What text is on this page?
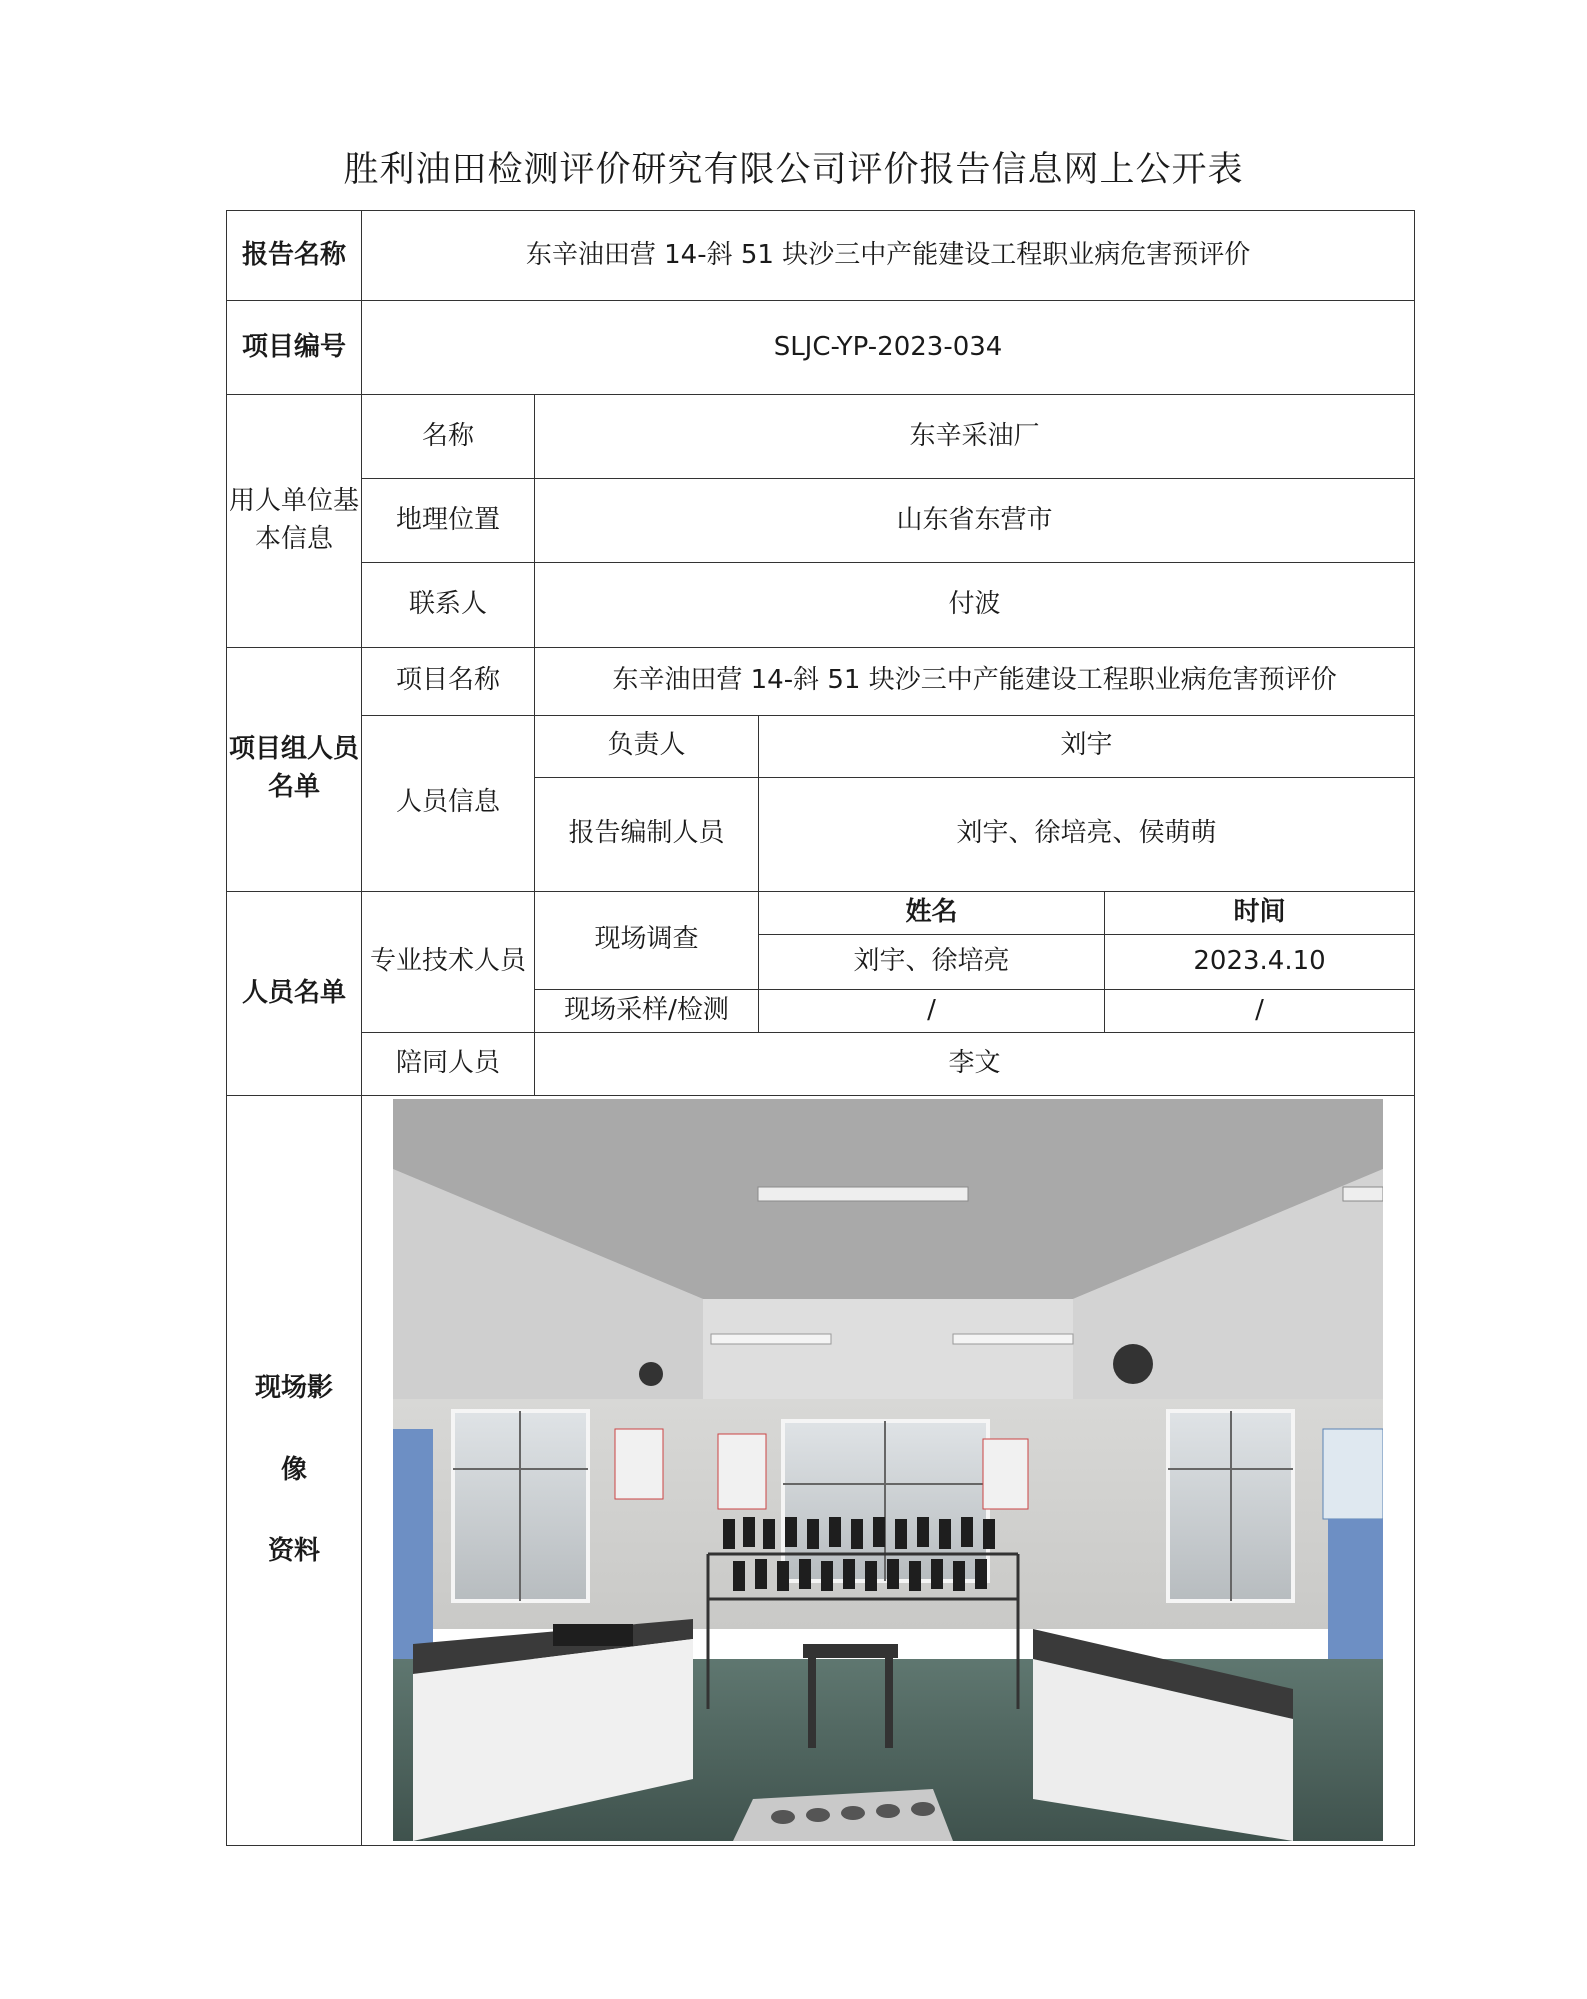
胜利油田检测评价研究有限公司评价报告信息网上公开表
报告名称	东辛油田营 14-斜 51 块沙三中产能建设工程职业病危害预评价			
项目编号	SLJC-YP-2023-034			
用人单位基本信息	名称	东辛采油厂		
	地理位置	山东省东营市		
	联系人	付波		
项目组人员名单	项目名称	东辛油田营 14-斜 51 块沙三中产能建设工程职业病危害预评价		
	人员信息	负责人	刘宇	
		报告编制人员	刘宇、徐培亮、侯萌萌	
人员名单	专业技术人员	现场调查	姓名	时间
			刘宇、徐培亮	2023.4.10
		现场采样/检测	/	/
	陪同人员	李文		

现场影
像
资料
